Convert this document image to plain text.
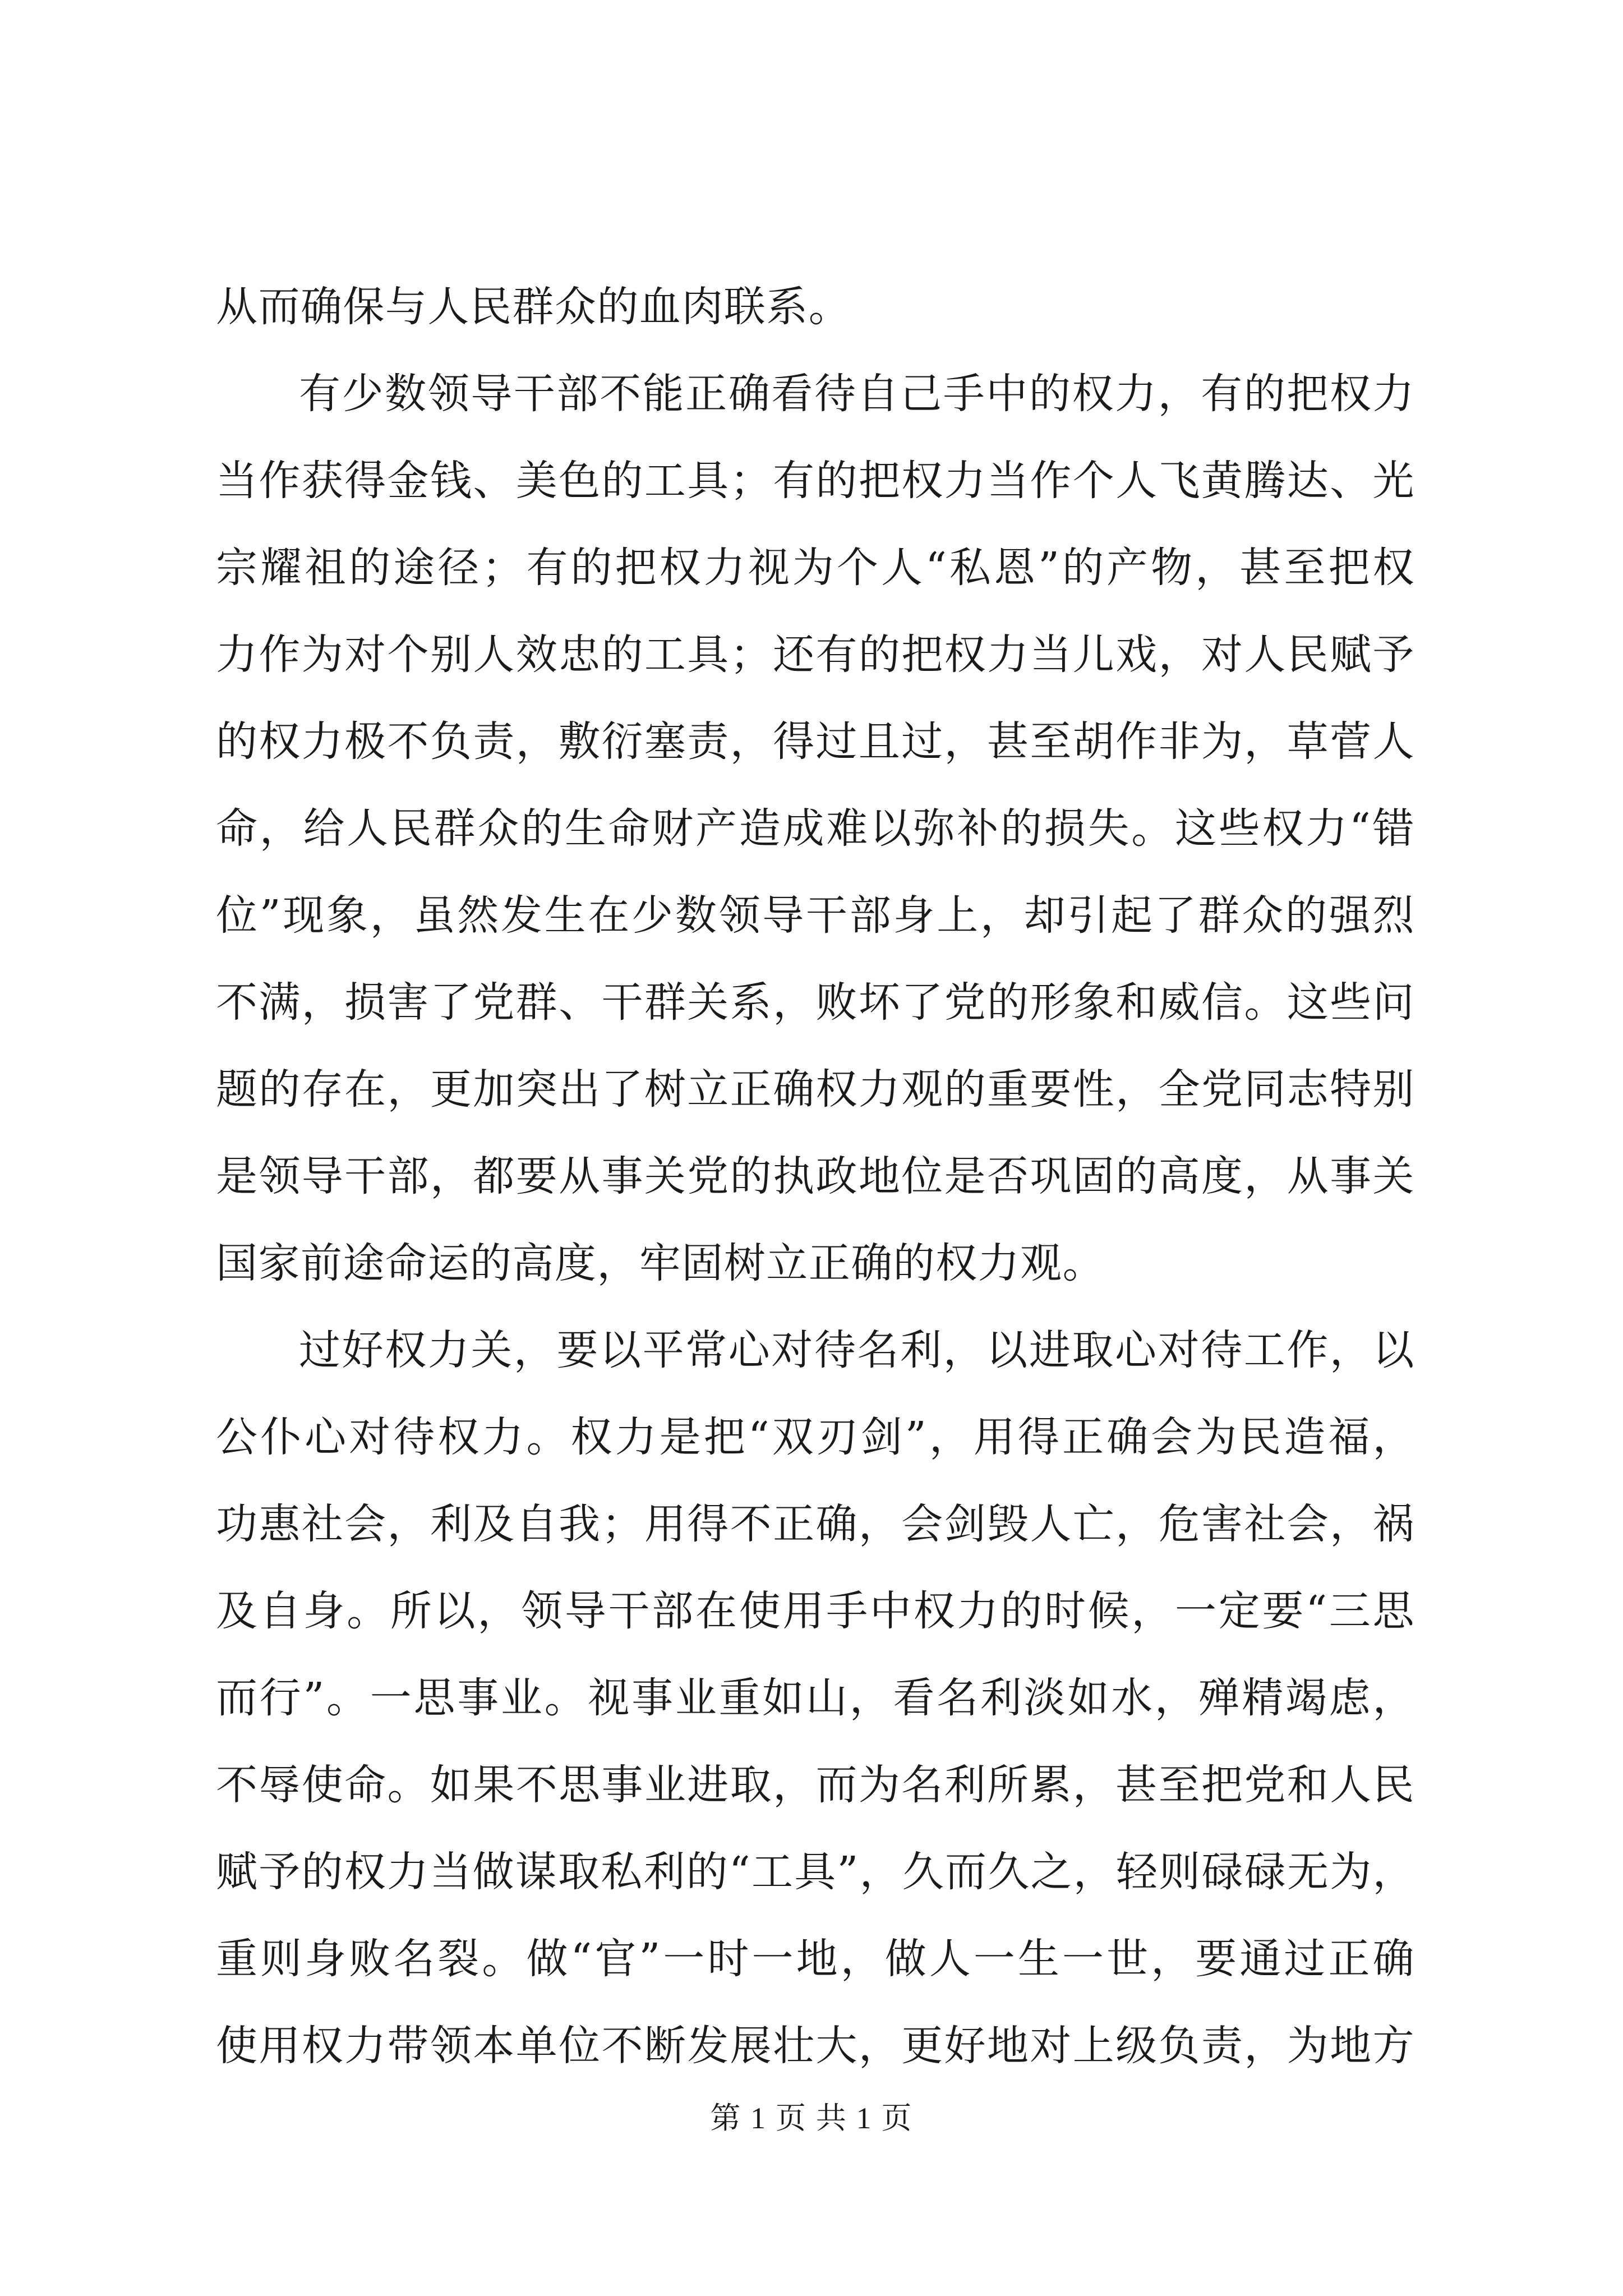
从而确保与人民群众的血肉联系。
有少数领导干部不能正确看待自己手中的权力，有的把权力
当作获得金钱、美色的工具；有的把权力当作个人飞黄腾达、光
宗耀祖的途径；有的把权力视为个人“私恩”的产物，甚至把权
力作为对个别人效忠的工具；还有的把权力当儿戏，对人民赋予
的权力极不负责，敷衍塞责，得过且过，甚至胡作非为，草菅人
命，给人民群众的生命财产造成难以弥补的损失。这些权力“错
位”现象，虽然发生在少数领导干部身上，却引起了群众的强烈
不满，损害了党群、干群关系，败坏了党的形象和威信。这些问
题的存在，更加突出了树立正确权力观的重要性，全党同志特别
是领导干部，都要从事关党的执政地位是否巩固的高度，从事关
国家前途命运的高度，牢固树立正确的权力观。
过好权力关，要以平常心对待名利，以进取心对待工作，以
公仆心对待权力。权力是把“双刃剑”，用得正确会为民造福，
功惠社会，利及自我；用得不正确，会剑毁人亡，危害社会，祸
及自身。所以，领导干部在使用手中权力的时候，一定要“三思
而行”。一思事业。视事业重如山，看名利淡如水，殚精竭虑，
不辱使命。如果不思事业进取，而为名利所累，甚至把党和人民
赋予的权力当做谋取私利的“工具”，久而久之，轻则碌碌无为，
重则身败名裂。做“官”一时一地，做人一生一世，要通过正确
使用权力带领本单位不断发展壮大，更好地对上级负责，为地方
第 1 页 共 1 页
